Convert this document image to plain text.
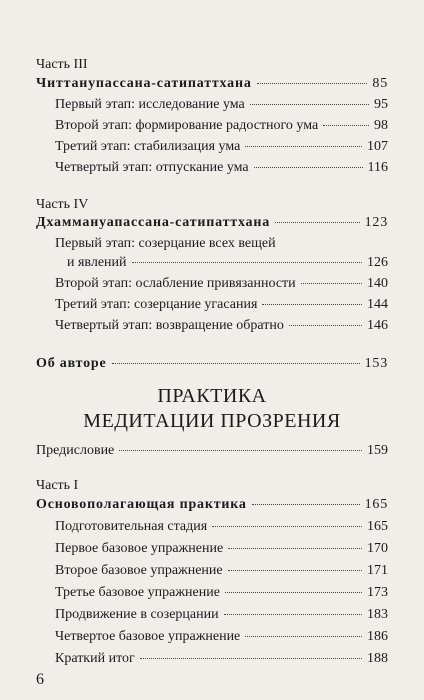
Часть III
Читтанупассана-сатипаттхана	85
Первый этап: исследование ума	95
Второй этап: формирование радостного ума	98
Третий этап: стабилизация ума	107
Четвертый этап: отпускание ума	116
Часть IV
Дхаммануапассана-сатипаттхана	123
Первый этап: созерцание всех вещей
и явлений	126
Второй этап: ослабление привязанности	140
Третий этап: созерцание угасания	144
Четвертый этап: возвращение обратно	146
Об авторе	153
ПРАКТИКА
МЕДИТАЦИИ ПРОЗРЕНИЯ
Предисловие	159
Часть I
Основополагающая практика	165
Подготовительная стадия	165
Первое базовое упражнение	170
Второе базовое упражнение	171
Третье базовое упражнение	173
Продвижение в созерцании	183
Четвертое базовое упражнение	186
Краткий итог	188
6
